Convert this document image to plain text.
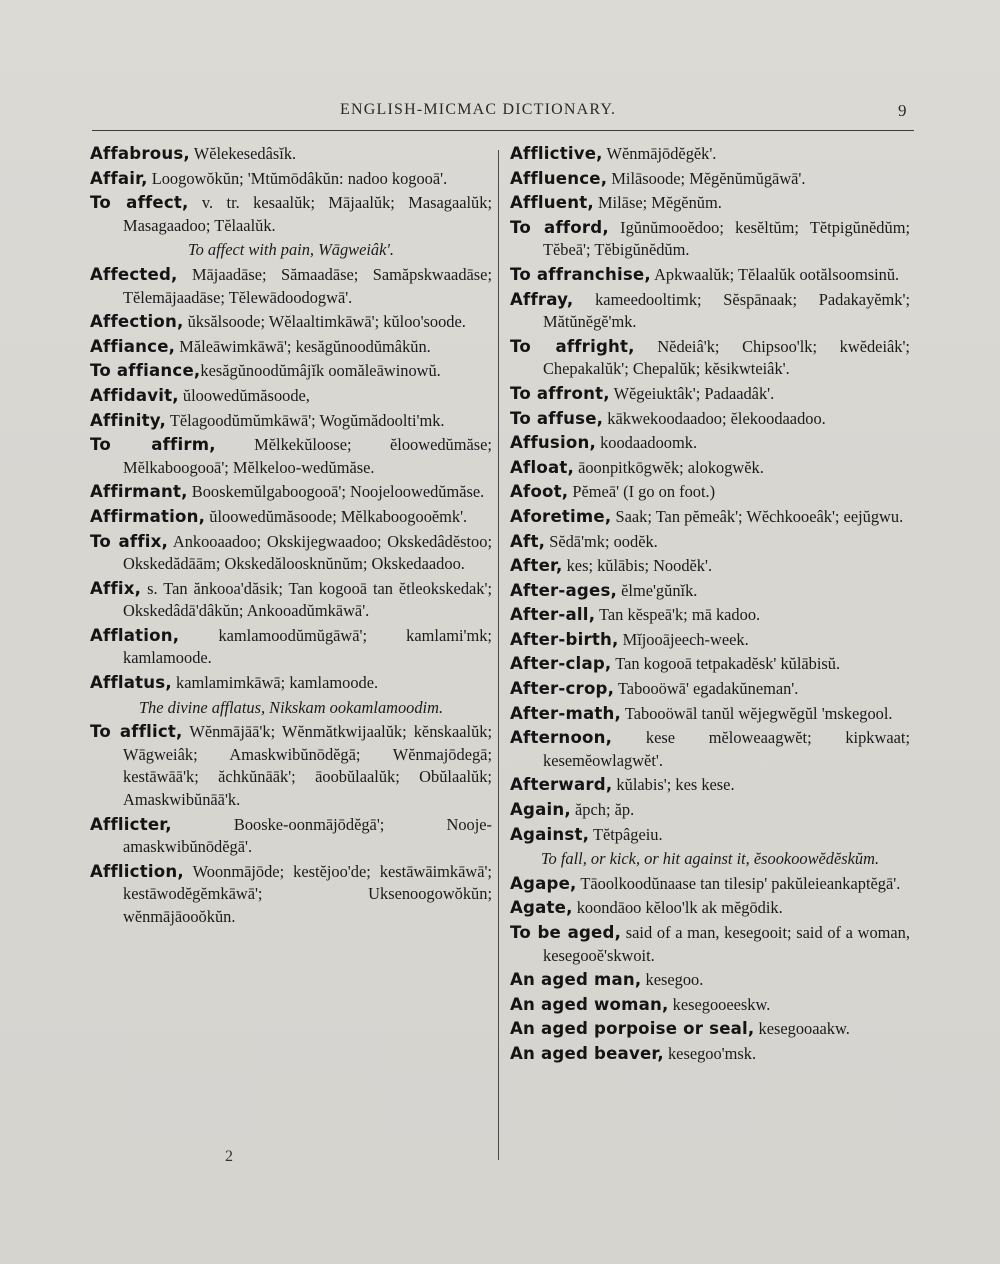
ENGLISH-MICMAC DICTIONARY.	9
Affabrous, Wĕlekesedâsĭk.
Affair, Loogowŏkŭn; 'Mtŭmōdâkŭn: nadoo kogooā'.
To affect, v. tr. kesaalŭk; Mājaalŭk; Masagaalŭk; Masagaadoo; Tĕlaalŭk.
To affect with pain, Wāgweiâk'.
Affected, Mājaadāse; Sămaadāse; Samăpskwaadāse; Tĕlemājaadāse; Tĕlewādoodogwā'.
Affection, ŭksălsoode; Wĕlaaltimkāwā'; kŭloo'soode.
Affiance, Măleāwimkāwā'; kesăgŭnoodŭmâkŭn.
To affiance,kesăgŭnoodŭmâjĭk oomăleāwinowŭ.
Affidavit, ŭloowedŭmăsoode,
Affinity, Tĕlagoodŭmŭmkāwā'; Wogŭmădoolti'mk.
To affirm, Mĕlkekŭloose; ĕloowedŭmăse; Mĕlkaboogooā'; Mĕlkeloo-wedŭmăse.
Affirmant, Booskemŭlgaboogooā'; Noojeloowedŭmăse.
Affirmation, ŭloowedŭmăsoode; Mĕlkaboogooĕmk'.
To affix, Ankooaadoo; Okskijegwaadoo; Okskedâdĕstoo; Okskedădāām; Okskedăloosknŭnŭm; Okskedaadoo.
Affix, s. Tan ănkooa'dăsik; Tan kogooā tan ĕtleokskedak'; Okskedâdā'dâkŭn; Ankooadŭmkāwā'.
Afflation, kamlamoodŭmŭgāwā'; kamlami'mk; kamlamoode.
Afflatus, kamlamimkāwā; kamlamoode.
The divine afflatus, Nikskam ookamlamoodim.
To afflict, Wĕnmājāā'k; Wĕnmătkwijaalŭk; kĕnskaalŭk; Wāgweiâk; Amaskwibŭnōdĕgā; Wĕnmajōdegā; kestāwāā'k; ăchkŭnāāk'; āoobŭlaalŭk; Obŭlaalŭk; Amaskwibŭnāā'k.
Afflicter, Booske-oonmājōdĕgā'; Nooje-amaskwibŭnōdĕgā'.
Affliction, Woonmājōde; kestĕjoo'de; kestāwāimkāwā'; kestāwodĕgĕmkāwā'; Uksenoogowŏkŭn; wĕnmājāooŏkŭn.
Afflictive, Wĕnmājōdĕgĕk'.
Affluence, Milāsoode; Mĕgĕnŭmŭgāwā'.
Affluent, Milāse; Mĕgĕnŭm.
To afford, Igŭnŭmooĕdoo; kesĕltŭm; Tĕtpigŭnĕdŭm; Tĕbeā'; Tĕbigŭnĕdŭm.
To affranchise, Apkwaalŭk; Tĕlaalŭk ootălsoomsinŭ.
Affray, kameedooltimk; Sĕspānaak; Padakayĕmk'; Mătŭnĕgĕ'mk.
To affright, Nĕdeiâ'k; Chipsoo'lk; kwĕdeiâk'; Chepakalŭk'; Chepalŭk; kĕsikwteiâk'.
To affront, Wĕgeiuktâk'; Padaadâk'.
To affuse, kākwekoodaadoo; ĕlekoodaadoo.
Affusion, koodaadoomk.
Afloat, āoonpitkōgwĕk; alokogwĕk.
Afoot, Pĕmeā' (I go on foot.)
Aforetime, Saak; Tan pĕmeâk'; Wĕchkooeâk'; eejŭgwu.
Aft, Sĕdā'mk; oodĕk.
After, kes; kŭlābis; Noodĕk'.
After-ages, ĕlme'gŭnĭk.
After-all, Tan kĕspeā'k; mā kadoo.
After-birth, Mĭjooājeech-week.
After-clap, Tan kogooā tetpakadĕsk' kŭlābisŭ.
After-crop, Tabooöwā' egadakŭneman'.
After-math, Tabooöwāl tanŭl wĕjegwĕgŭl 'mskegool.
Afternoon, kese mĕloweaagwĕt; kipkwaat; kesemĕowlagwĕt'.
Afterward, kŭlabis'; kes kese.
Again, ăpch; ăp.
Against, Tĕtpâgeiu.
To fall, or kick, or hit against it, ĕsookoowĕdĕskŭm.
Agape, Tāoolkoodŭnaase tan tilesip' pakŭleieankaptĕgā'.
Agate, koondāoo kĕloo'lk ak mĕgōdik.
To be aged, said of a man, kesegooit; said of a woman, kesegooĕ'skwoit.
An aged man, kesegoo.
An aged woman, kesegooeeskw.
An aged porpoise or seal, kesegooaakw.
An aged beaver, kesegoo'msk.
2
